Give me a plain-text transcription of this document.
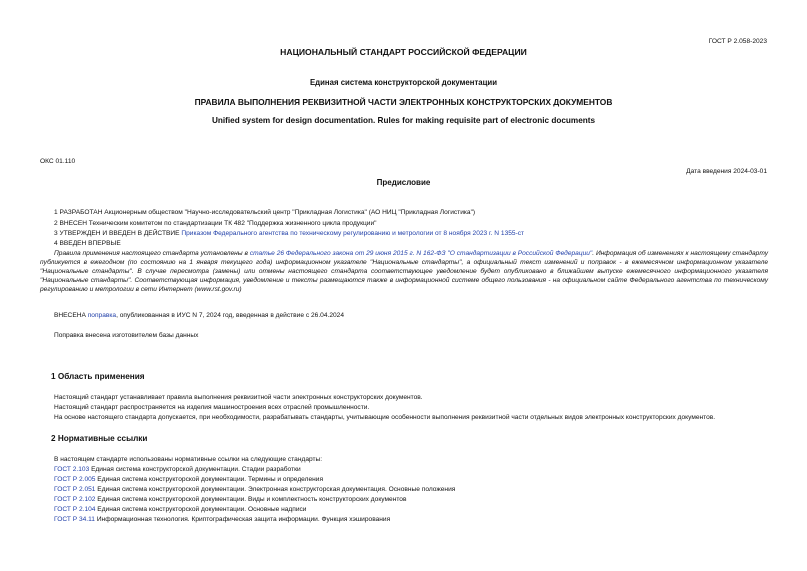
ГОСТ Р 2.058-2023
НАЦИОНАЛЬНЫЙ СТАНДАРТ РОССИЙСКОЙ ФЕДЕРАЦИИ
Единая система конструкторской документации
ПРАВИЛА ВЫПОЛНЕНИЯ РЕКВИЗИТНОЙ ЧАСТИ ЭЛЕКТРОННЫХ КОНСТРУКТОРСКИХ ДОКУМЕНТОВ
Unified system for design documentation. Rules for making requisite part of electronic documents
ОКС 01.110
Дата введения 2024-03-01
Предисловие
1 РАЗРАБОТАН Акционерным обществом "Научно-исследовательский центр "Прикладная Логистика" (АО НИЦ "Прикладная Логистика")
2 ВНЕСЕН Техническим комитетом по стандартизации ТК 482 "Поддержка жизненного цикла продукции"
3 УТВЕРЖДЕН И ВВЕДЕН В ДЕЙСТВИЕ Приказом Федерального агентства по техническому регулированию и метрологии от 8 ноября 2023 г. N 1355-ст
4 ВВЕДЕН ВПЕРВЫЕ
Правила применения настоящего стандарта установлены в статье 26 Федерального закона от 29 июня 2015 г. N 162-ФЗ "О стандартизации в Российской Федерации". Информация об изменениях к настоящему стандарту публикуется в ежегодном (по состоянию на 1 января текущего года) информационном указателе "Национальные стандарты", а официальный текст изменений и поправок - в ежемесячном информационном указателе "Национальные стандарты". В случае пересмотра (замены) или отмены настоящего стандарта соответствующее уведомление будет опубликовано в ближайшем выпуске ежемесячного информационного указателя "Национальные стандарты". Соответствующая информация, уведомление и тексты размещаются также в информационной системе общего пользования - на официальном сайте Федерального агентства по техническому регулированию и метрологии в сети Интернет (www.rst.gov.ru)
ВНЕСЕНА поправка, опубликованная в ИУС N 7, 2024 год, введенная в действие с 26.04.2024
Поправка внесена изготовителем базы данных
1 Область применения
Настоящий стандарт устанавливает правила выполнения реквизитной части электронных конструкторских документов.
Настоящий стандарт распространяется на изделия машиностроения всех отраслей промышленности.
На основе настоящего стандарта допускается, при необходимости, разрабатывать стандарты, учитывающие особенности выполнения реквизитной части отдельных видов электронных конструкторских документов.
2 Нормативные ссылки
В настоящем стандарте использованы нормативные ссылки на следующие стандарты:
ГОСТ 2.103 Единая система конструкторской документации. Стадии разработки
ГОСТ Р 2.005 Единая система конструкторской документации. Термины и определения
ГОСТ Р 2.051 Единая система конструкторской документации. Электронная конструкторская документация. Основные положения
ГОСТ Р 2.102 Единая система конструкторской документации. Виды и комплектность конструкторских документов
ГОСТ Р 2.104 Единая система конструкторской документации. Основные надписи
ГОСТ Р 34.11 Информационная технология. Криптографическая защита информации. Функция хэширования
